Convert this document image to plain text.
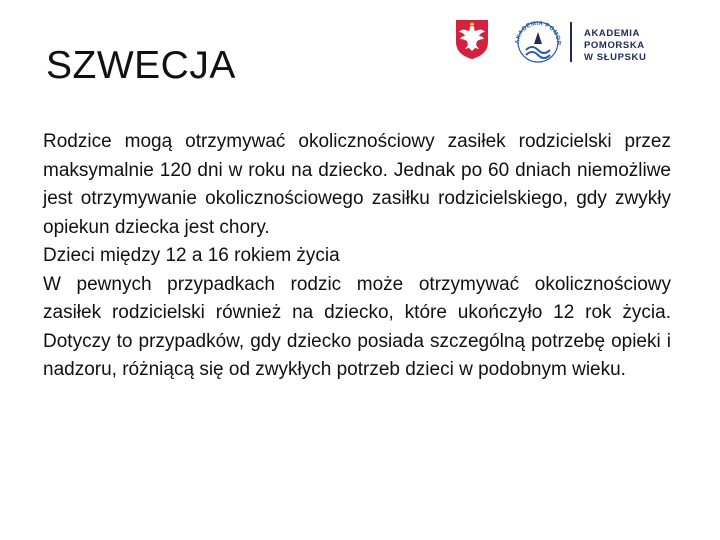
SZWECJA
AKADEMIA POMOR
AKADEMIA POMORSKA
W SŁUPSKU

Rodzice mogą otrzymywać okolicznościowy zasiłek rodzicielski przez maksymalnie 120 dni w roku na dziecko. Jednak po 60 dniach niemożliwe jest otrzymywanie okolicznościowego zasiłku rodzicielskiego, gdy zwykły opiekun dziecka jest chory.

Dzieci między 12 a 16 rokiem życia

W pewnych przypadkach rodzic może otrzymywać okolicznościowy zasiłek rodzicielski również na dziecko, które ukończyło 12 rok życia. Dotyczy to przypadków, gdy dziecko posiada szczególną potrzebę opieki i nadzoru, różniącą się od zwykłych potrzeb dzieci w podobnym wieku.
